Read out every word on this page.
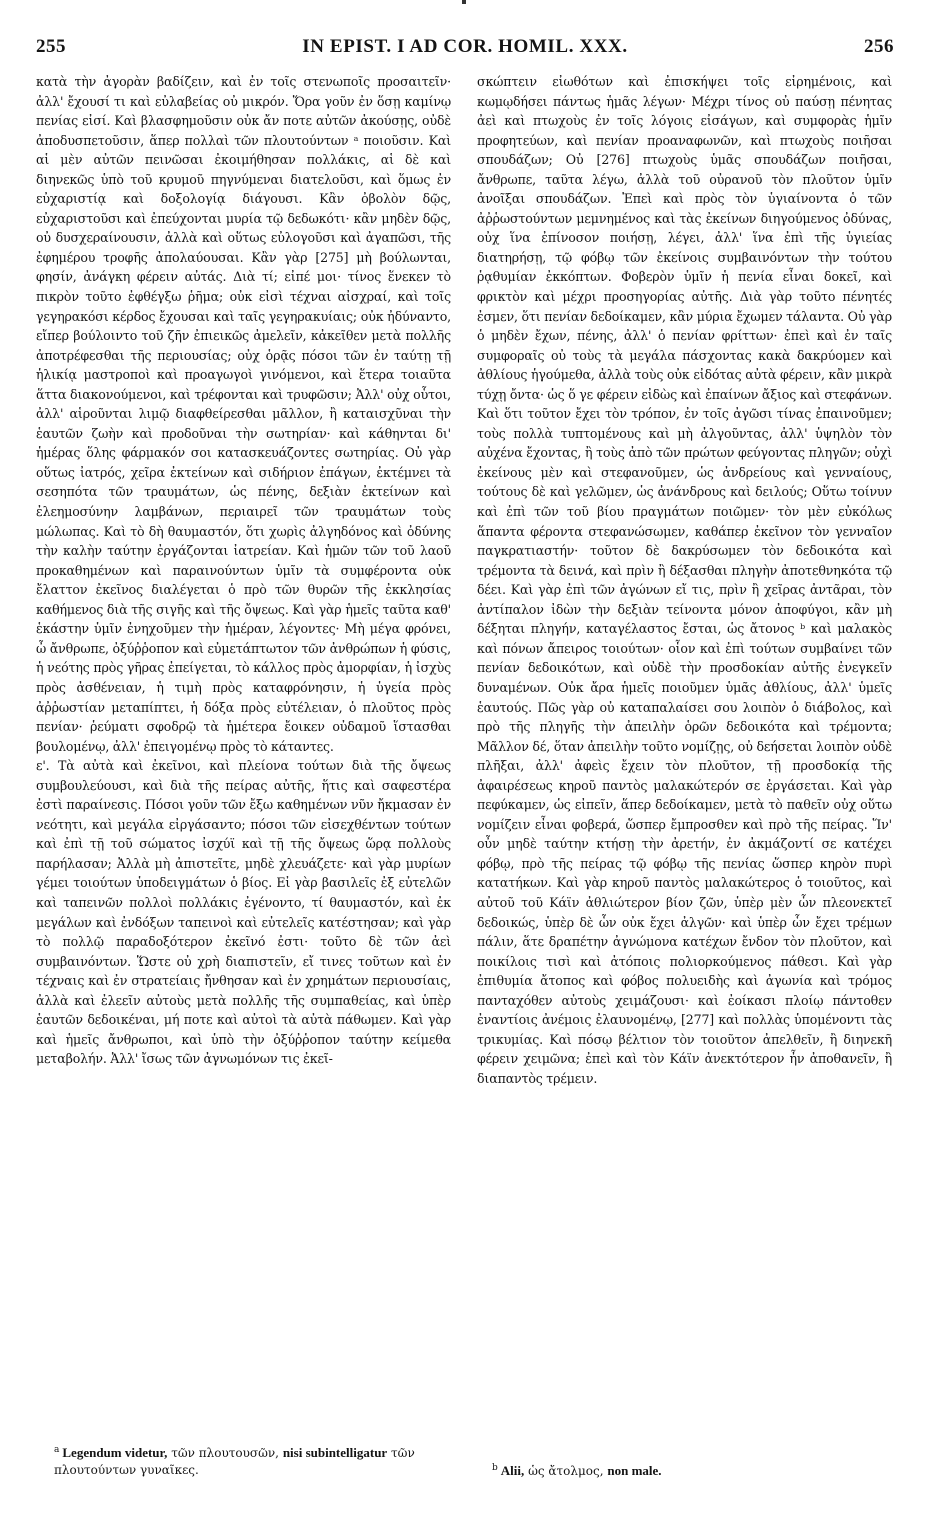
255	IN EPIST. I AD COR. HOMIL. XXX.	256

κατὰ τὴν ἀγορὰν βαδίζειν, καὶ ἐν τοῖς στενωποῖς προσαιτεῖν· ἀλλ' ἔχουσί τι καὶ εὐλαβείας οὐ μικρόν. Ὅρα γοῦν ἐν ὅσῃ καμίνῳ πενίας εἰσί. Καὶ βλασφημοῦσιν οὐκ ἄν ποτε αὐτῶν ἀκούσῃς, οὐδὲ ἀποδυσπετοῦσιν, ἅπερ πολλαὶ τῶν πλουτούντων ᵃ ποιοῦσιν. Καὶ αἱ μὲν αὐτῶν πεινῶσαι ἐκοιμήθησαν πολλάκις, αἱ δὲ καὶ διηνεκῶς ὑπὸ τοῦ κρυμοῦ πηγνύμεναι διατελοῦσι, καὶ ὅμως ἐν εὐχαριστίᾳ καὶ δοξολογίᾳ διάγουσι. Κἂν ὀβολὸν δῷς, εὐχαριστοῦσι καὶ ἐπεύχονται μυρία τῷ δεδωκότι· κἂν μηδὲν δῷς, οὐ δυσχεραίνουσιν, ἀλλὰ καὶ οὕτως εὐλογοῦσι καὶ ἀγαπῶσι, τῆς ἐφημέρου τροφῆς ἀπολαύουσαι. Κἂν γὰρ [275] μὴ βούλωνται, φησίν, ἀνάγκη φέρειν αὐτάς. Διὰ τί; εἰπέ μοι· τίνος ἕνεκεν τὸ πικρὸν τοῦτο ἐφθέγξω ῥῆμα; οὐκ εἰσὶ τέχναι αἰσχραί, καὶ τοῖς γεγηρακόσι κέρδος ἔχουσαι καὶ ταῖς γεγηρακυίαις; οὐκ ἠδύναντο, εἴπερ βούλοιντο τοῦ ζῆν ἐπιεικῶς ἀμελεῖν, κἀκεῖθεν μετὰ πολλῆς ἀποτρέφεσθαι τῆς περιουσίας; οὐχ ὁρᾷς πόσοι τῶν ἐν ταύτῃ τῇ ἡλικίᾳ μαστροποὶ καὶ προαγωγοὶ γινόμενοι, καὶ ἕτερα τοιαῦτα ἅττα διακονούμενοι, καὶ τρέφονται καὶ τρυφῶσιν; Ἀλλ' οὐχ οὗτοι, ἀλλ' αἱροῦνται λιμῷ διαφθείρεσθαι μᾶλλον, ἢ καταισχῦναι τὴν ἑαυτῶν ζωὴν καὶ προδοῦναι τὴν σωτηρίαν· καὶ κάθηνται δι' ἡμέρας ὅλης φάρμακόν σοι κατασκευάζοντες σωτηρίας. Οὐ γὰρ οὕτως ἰατρός, χεῖρα ἐκτείνων καὶ σιδήριον ἐπάγων, ἐκτέμνει τὰ σεσηπότα τῶν τραυμάτων, ὡς πένης, δεξιὰν ἐκτείνων καὶ ἐλεημοσύνην λαμβάνων, περιαιρεῖ τῶν τραυμάτων τοὺς μώλωπας. Καὶ τὸ δὴ θαυμαστόν, ὅτι χωρὶς ἀλγηδόνος καὶ ὀδύνης τὴν καλὴν ταύτην ἐργάζονται ἰατρείαν. Καὶ ἡμῶν τῶν τοῦ λαοῦ προκαθημένων καὶ παραινούντων ὑμῖν τὰ συμφέροντα οὐκ ἔλαττον ἐκεῖνος διαλέγεται ὁ πρὸ τῶν θυρῶν τῆς ἐκκλησίας καθήμενος διὰ τῆς σιγῆς καὶ τῆς ὄψεως. Καὶ γὰρ ἡμεῖς ταῦτα καθ' ἑκάστην ὑμῖν ἐνηχοῦμεν τὴν ἡμέραν, λέγοντες· Μὴ μέγα φρόνει, ὦ ἄνθρωπε, ὀξύῤῥοπον καὶ εὐμετάπτωτον τῶν ἀνθρώπων ἡ φύσις, ἡ νεότης πρὸς γῆρας ἐπείγεται, τὸ κάλλος πρὸς ἀμορφίαν, ἡ ἰσχὺς πρὸς ἀσθένειαν, ἡ τιμὴ πρὸς καταφρόνησιν, ἡ ὑγεία πρὸς ἀῤῥωστίαν μεταπίπτει, ἡ δόξα πρὸς εὐτέλειαν, ὁ πλοῦτος πρὸς πενίαν· ῥεύματι σφοδρῷ τὰ ἡμέτερα ἔοικεν οὐδαμοῦ ἵστασθαι βουλομένῳ, ἀλλ' ἐπειγομένῳ πρὸς τὸ κάταντες.

ε'. Τὰ αὐτὰ καὶ ἐκεῖνοι, καὶ πλείονα τούτων διὰ τῆς ὄψεως συμβουλεύουσι, καὶ διὰ τῆς πείρας αὐτῆς, ἥτις καὶ σαφεστέρα ἐστὶ παραίνεσις. Πόσοι γοῦν τῶν ἔξω καθημένων νῦν ἤκμασαν ἐν νεότητι, καὶ μεγάλα εἰργάσαντο; πόσοι τῶν εἰσεχθέντων τούτων καὶ ἐπὶ τῇ τοῦ σώματος ἰσχύϊ καὶ τῇ τῆς ὄψεως ὥρᾳ πολλοὺς παρήλασαν; Ἀλλὰ μὴ ἀπιστεῖτε, μηδὲ χλευάζετε· καὶ γὰρ μυρίων γέμει τοιούτων ὑποδειγμάτων ὁ βίος. Εἰ γὰρ βασιλεῖς ἐξ εὐτελῶν καὶ ταπεινῶν πολλοὶ πολλάκις ἐγένοντο, τί θαυμαστόν, καὶ ἐκ μεγάλων καὶ ἐνδόξων ταπεινοὶ καὶ εὐτελεῖς κατέστησαν; καὶ γὰρ τὸ πολλῷ παραδοξότερον ἐκεῖνό ἐστι· τοῦτο δὲ τῶν ἀεὶ συμβαινόντων. Ὥστε οὐ χρὴ διαπιστεῖν, εἴ τινες τοῦτων καὶ ἐν τέχναις καὶ ἐν στρατείαις ἤνθησαν καὶ ἐν χρημάτων περιουσίαις, ἀλλὰ καὶ ἐλεεῖν αὐτοὺς μετὰ πολλῆς τῆς συμπαθείας, καὶ ὑπὲρ ἑαυτῶν δεδοικέναι, μή ποτε καὶ αὐτοὶ τὰ αὐτὰ πάθωμεν. Καὶ γὰρ καὶ ἡμεῖς ἄνθρωποι, καὶ ὑπὸ τὴν ὀξύῤῥοπον ταύτην κείμεθα μεταβολήν. Ἀλλ' ἴσως τῶν ἀγνωμόνων τις ἐκεῖ-

σκώπτειν εἰωθότων καὶ ἐπισκήψει τοῖς εἰρημένοις, καὶ κωμῳδήσει πάντως ἡμᾶς λέγων· Μέχρι τίνος οὐ παύσῃ πένητας ἀεὶ καὶ πτωχοὺς ἐν τοῖς λόγοις εἰσάγων, καὶ συμφορὰς ἡμῖν προφητεύων, καὶ πενίαν προαναφωνῶν, καὶ πτωχοὺς ποιῆσαι σπουδάζων; Οὐ [276] πτωχοὺς ὑμᾶς σπουδάζων ποιῆσαι, ἄνθρωπε, ταῦτα λέγω, ἀλλὰ τοῦ οὐρανοῦ τὸν πλοῦτον ὑμῖν ἀνοῖξαι σπουδάζων. Ἐπεὶ καὶ πρὸς τὸν ὑγιαίνοντα ὁ τῶν ἀῤῥωστούντων μεμνημένος καὶ τὰς ἐκείνων διηγούμενος ὀδύνας, οὐχ ἵνα ἐπίνοσον ποιήσῃ, λέγει, ἀλλ' ἵνα ἐπὶ τῆς ὑγιείας διατηρήσῃ, τῷ φόβῳ τῶν ἐκείνοις συμβαινόντων τὴν τούτου ῥᾳθυμίαν ἐκκόπτων. Φοβερὸν ὑμῖν ἡ πενία εἶναι δοκεῖ, καὶ φρικτὸν καὶ μέχρι προσηγορίας αὐτῆς. Διὰ γὰρ τοῦτο πένητές ἐσμεν, ὅτι πενίαν δεδοίκαμεν, κἂν μύρια ἔχωμεν τάλαντα. Οὐ γὰρ ὁ μηδὲν ἔχων, πένης, ἀλλ' ὁ πενίαν φρίττων· ἐπεὶ καὶ ἐν ταῖς συμφοραῖς οὐ τοὺς τὰ μεγάλα πάσχοντας κακὰ δακρύομεν καὶ ἀθλίους ἡγούμεθα, ἀλλὰ τοὺς οὐκ εἰδότας αὐτὰ φέρειν, κἂν μικρὰ τύχῃ ὄντα· ὡς ὅ γε φέρειν εἰδὼς καὶ ἐπαίνων ἄξιος καὶ στεφάνων. Καὶ ὅτι τοῦτον ἔχει τὸν τρόπον, ἐν τοῖς ἀγῶσι τίνας ἐπαινοῦμεν; τοὺς πολλὰ τυπτομένους καὶ μὴ ἀλγοῦντας, ἀλλ' ὑψηλὸν τὸν αὐχένα ἔχοντας, ἢ τοὺς ἀπὸ τῶν πρώτων φεύγοντας πληγῶν; οὐχὶ ἐκείνους μὲν καὶ στεφανοῦμεν, ὡς ἀνδρείους καὶ γενναίους, τούτους δὲ καὶ γελῶμεν, ὡς ἀνάνδρους καὶ δειλούς; Οὕτω τοίνυν καὶ ἐπὶ τῶν τοῦ βίου πραγμάτων ποιῶμεν· τὸν μὲν εὐκόλως ἅπαντα φέροντα στεφανώσωμεν, καθάπερ ἐκεῖνον τὸν γενναῖον παγκρατιαστήν· τοῦτον δὲ δακρύσωμεν τὸν δεδοικότα καὶ τρέμοντα τὰ δεινά, καὶ πρὶν ἢ δέξασθαι πληγὴν ἀποτεθνηκότα τῷ δέει. Καὶ γὰρ ἐπὶ τῶν ἀγώνων εἴ τις, πρὶν ἢ χεῖρας ἀντᾶραι, τὸν ἀντίπαλον ἰδὼν τὴν δεξιὰν τείνοντα μόνον ἀποφύγοι, κἂν μὴ δέξηται πληγήν, καταγέλαστος ἔσται, ὡς ἄτονος ᵇ καὶ μαλακὸς καὶ πόνων ἄπειρος τοιούτων· οἷον καὶ ἐπὶ τούτων συμβαίνει τῶν πενίαν δεδοικότων, καὶ οὐδὲ τὴν προσδοκίαν αὐτῆς ἐνεγκεῖν δυναμένων. Οὐκ ἄρα ἡμεῖς ποιοῦμεν ὑμᾶς ἀθλίους, ἀλλ' ὑμεῖς ἑαυτούς. Πῶς γὰρ οὐ καταπαλαίσει σου λοιπὸν ὁ διάβολος, καὶ πρὸ τῆς πληγῆς τὴν ἀπειλὴν ὁρῶν δεδοικότα καὶ τρέμοντα; Μᾶλλον δέ, ὅταν ἀπειλὴν τοῦτο νομίζῃς, οὐ δεήσεται λοιπὸν οὐδὲ πλῆξαι, ἀλλ' ἀφεὶς ἔχειν τὸν πλοῦτον, τῇ προσδοκίᾳ τῆς ἀφαιρέσεως κηροῦ παντὸς μαλακώτερόν σε ἐργάσεται. Καὶ γὰρ πεφύκαμεν, ὡς εἰπεῖν, ἅπερ δεδοίκαμεν, μετὰ τὸ παθεῖν οὐχ οὕτω νομίζειν εἶναι φοβερά, ὥσπερ ἔμπροσθεν καὶ πρὸ τῆς πείρας. Ἵν' οὖν μηδὲ ταύτην κτήσῃ τὴν ἀρετήν, ἐν ἀκμάζοντί σε κατέχει φόβῳ, πρὸ τῆς πείρας τῷ φόβῳ τῆς πενίας ὥσπερ κηρὸν πυρὶ κατατήκων. Καὶ γὰρ κηροῦ παντὸς μαλακώτερος ὁ τοιοῦτος, καὶ αὐτοῦ τοῦ Κάϊν ἀθλιώτερον βίον ζῶν, ὑπὲρ μὲν ὧν πλεονεκτεῖ δεδοικώς, ὑπὲρ δὲ ὧν οὐκ ἔχει ἀλγῶν· καὶ ὑπὲρ ὧν ἔχει τρέμων πάλιν, ἅτε δραπέτην ἀγνώμονα κατέχων ἔνδον τὸν πλοῦτον, καὶ ποικίλοις τισὶ καὶ ἀτόποις πολιορκούμενος πάθεσι. Καὶ γὰρ ἐπιθυμία ἄτοπος καὶ φόβος πολυειδὴς καὶ ἀγωνία καὶ τρόμος πανταχόθεν αὐτοὺς χειμάζουσι· καὶ ἐοίκασι πλοίῳ πάντοθεν ἐναντίοις ἀνέμοις ἐλαυνομένῳ, [277] καὶ πολλὰς ὑπομένοντι τὰς τρικυμίας. Καὶ πόσῳ βέλτιον τὸν τοιοῦτον ἀπελθεῖν, ἢ διηνεκῆ φέρειν χειμῶνα; ἐπεὶ καὶ τὸν Κάϊν ἀνεκτότερον ἦν ἀποθανεῖν, ἢ διαπαντὸς τρέμειν.

$^a$ Legendum videtur, τῶν πλουτουσῶν, nisi subintelligatur τῶν πλουτούντων γυναῖκες.	$^b$ Alii, ὡς ἄτολμος, non male.
